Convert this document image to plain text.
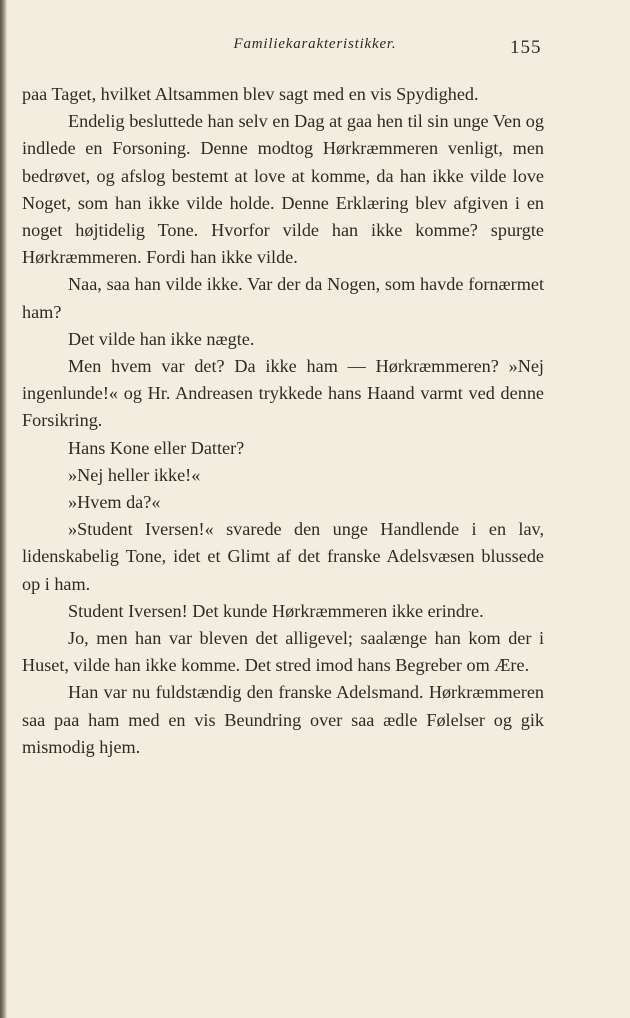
Familiekarakteristikker.	155

paa Taget, hvilket Altsammen blev sagt med en vis Spydighed.

Endelig besluttede han selv en Dag at gaa hen til sin unge Ven og indlede en Forsoning. Denne modtog Hørkræmmeren venligt, men bedrøvet, og afslog bestemt at love at komme, da han ikke vilde love Noget, som han ikke vilde holde. Denne Erklæring blev afgiven i en noget højtidelig Tone. Hvorfor vilde han ikke komme? spurgte Hørkræmmeren. Fordi han ikke vilde.

Naa, saa han vilde ikke. Var der da Nogen, som havde fornærmet ham?

Det vilde han ikke nægte.

Men hvem var det? Da ikke ham — Hørkræmmeren? »Nej ingenlunde!« og Hr. Andreasen trykkede hans Haand varmt ved denne Forsikring.

Hans Kone eller Datter?

»Nej heller ikke!«

»Hvem da?«

»Student Iversen!« svarede den unge Handlende i en lav, lidenskabelig Tone, idet et Glimt af det franske Adelsvæsen blussede op i ham.

Student Iversen! Det kunde Hørkræmmeren ikke erindre.

Jo, men han var bleven det alligevel; saalænge han kom der i Huset, vilde han ikke komme. Det stred imod hans Begreber om Ære.

Han var nu fuldstændig den franske Adelsmand. Hørkræmmeren saa paa ham med en vis Beundring over saa ædle Følelser og gik mismodig hjem.
